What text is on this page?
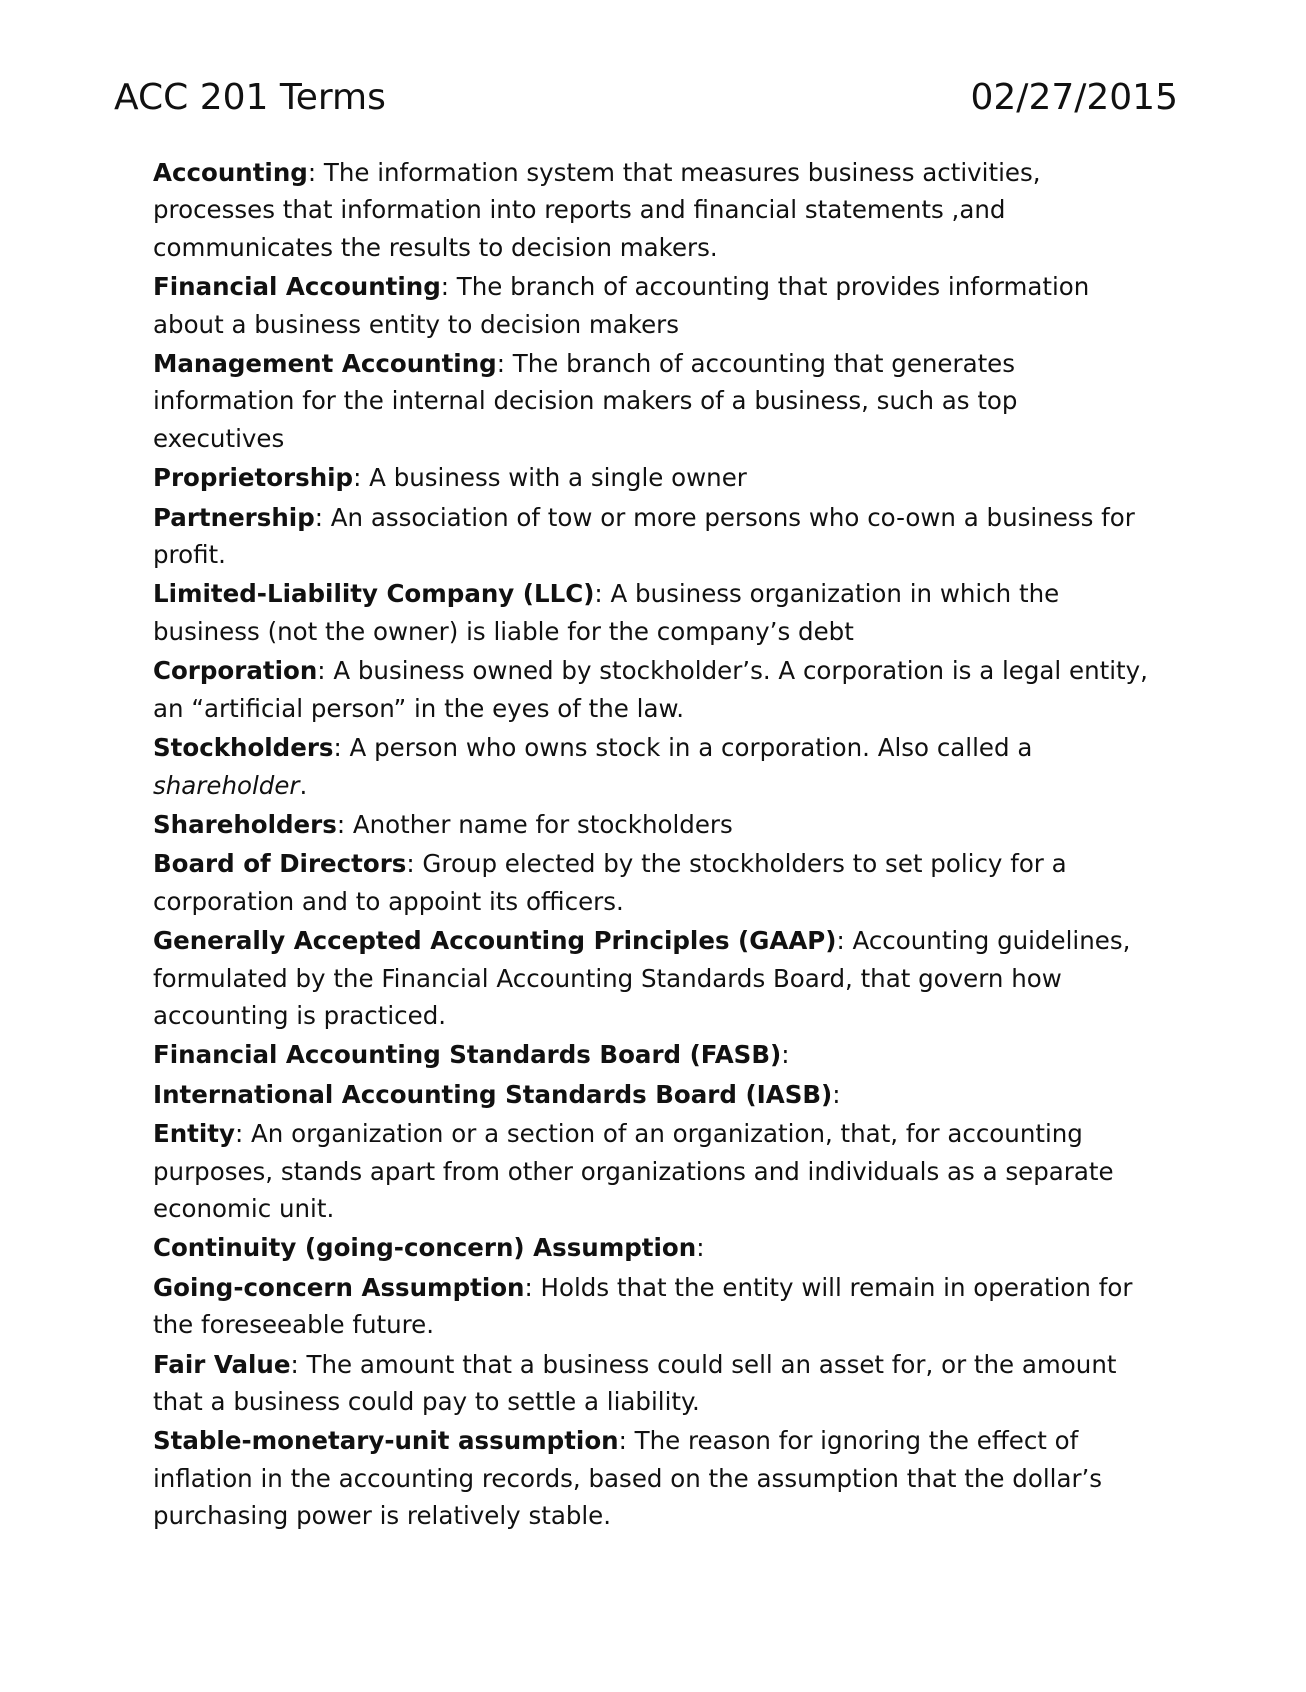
ACC 201 Terms	02/27/2015
Accounting: The information system that measures business activities, processes that information into reports and financial statements ,and communicates the results to decision makers.
Financial Accounting: The branch of accounting that provides information about a business entity to decision makers
Management Accounting: The branch of accounting that generates information for the internal decision makers of a business, such as top executives
Proprietorship: A business with a single owner
Partnership: An association of tow or more persons who co-own a business for profit.
Limited-Liability Company (LLC): A business organization in which the business (not the owner) is liable for the company’s debt
Corporation: A business owned by stockholder’s. A corporation is a legal entity, an “artificial person” in the eyes of the law.
Stockholders: A person who owns stock in a corporation. Also called a shareholder.
Shareholders: Another name for stockholders
Board of Directors: Group elected by the stockholders to set policy for a corporation and to appoint its officers.
Generally Accepted Accounting Principles (GAAP): Accounting guidelines, formulated by the Financial Accounting Standards Board, that govern how accounting is practiced.
Financial Accounting Standards Board (FASB):
International Accounting Standards Board (IASB):
Entity: An organization or a section of an organization, that, for accounting purposes, stands apart from other organizations and individuals as a separate economic unit.
Continuity (going-concern) Assumption:
Going-concern Assumption: Holds that the entity will remain in operation for the foreseeable future.
Fair Value: The amount that a business could sell an asset for, or the amount that a business could pay to settle a liability.
Stable-monetary-unit assumption: The reason for ignoring the effect of inflation in the accounting records, based on the assumption that the dollar’s purchasing power is relatively stable.
